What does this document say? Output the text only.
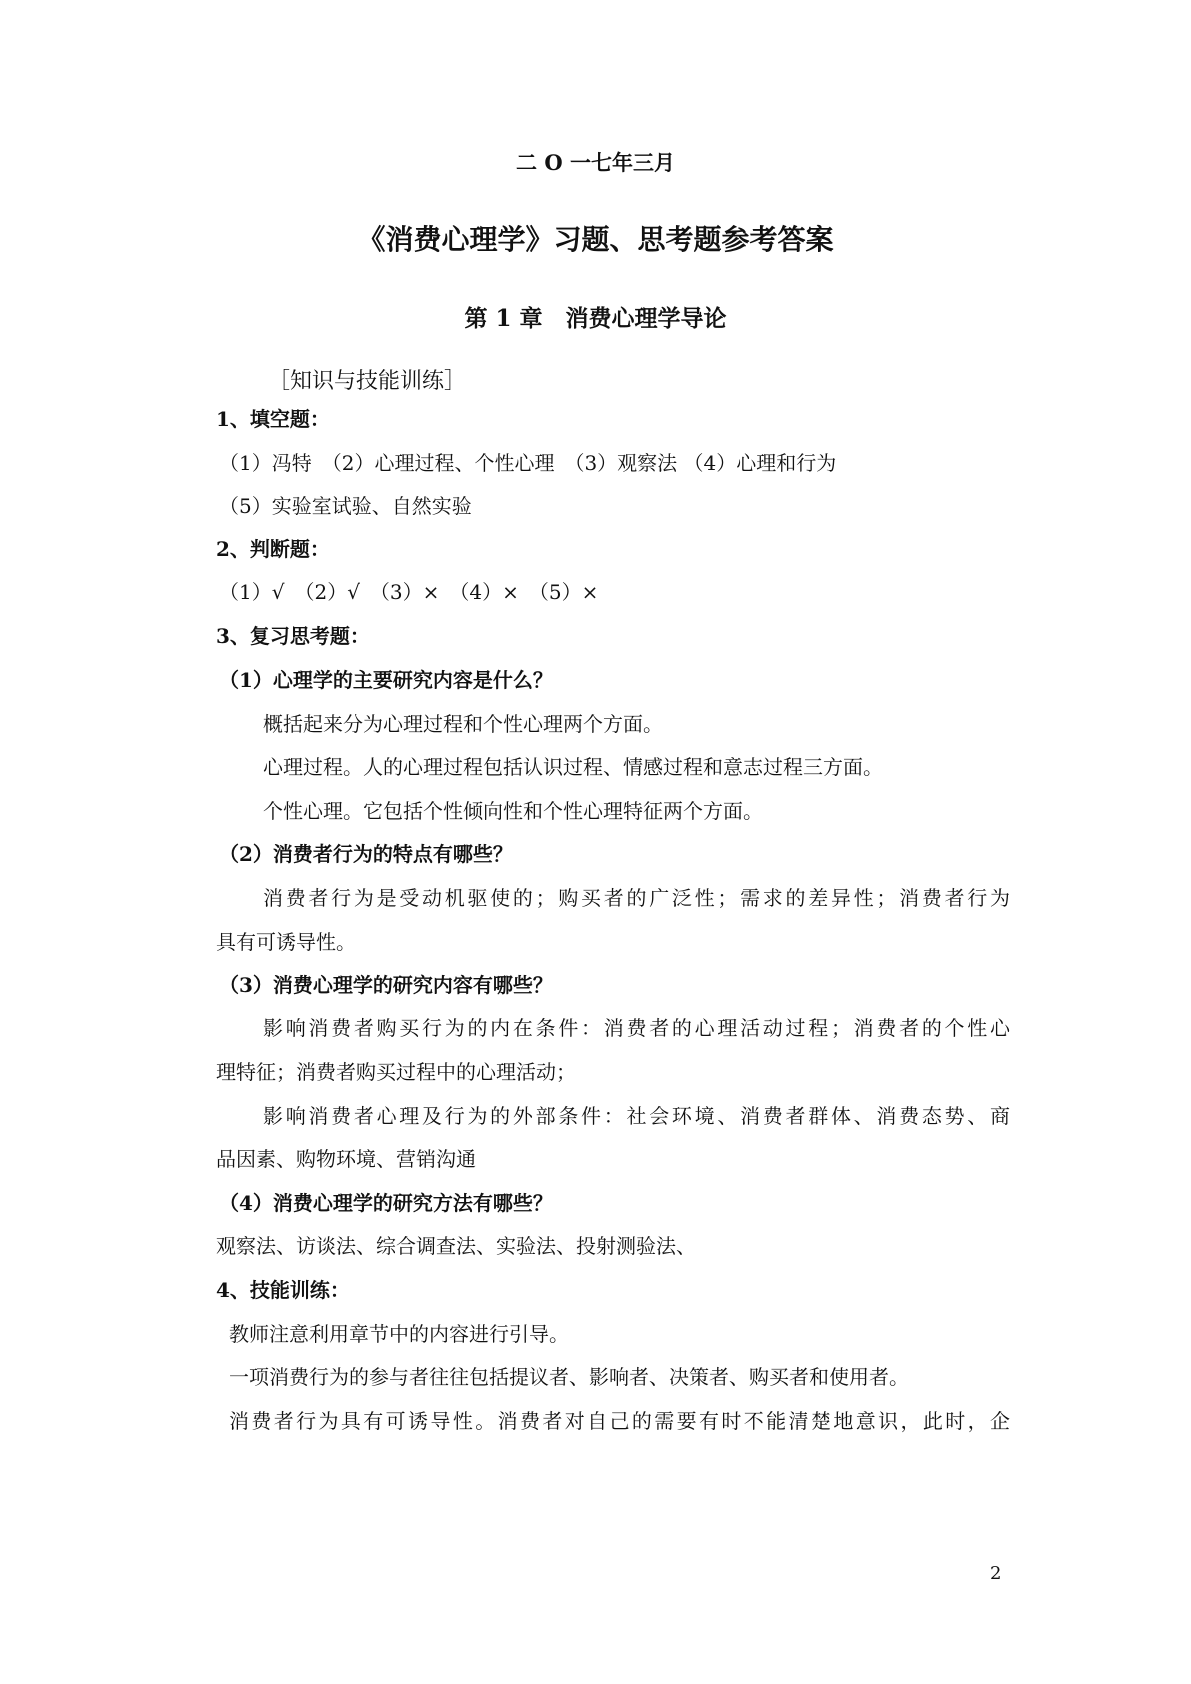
二 O 一七年三月
《消费心理学》习题、思考题参考答案
第 1 章　消费心理学导论
［知识与技能训练］
1、填空题：
（1）冯特　（2）心理过程、个性心理　（3）观察法 （4）心理和行为
（5）实验室试验、自然实验
2、判断题：
（1）√　（2）√　（3）×　（4）×　（5）×
3、复习思考题：
（1）心理学的主要研究内容是什么？
概括起来分为心理过程和个性心理两个方面。
心理过程。人的心理过程包括认识过程、情感过程和意志过程三方面。
个性心理。它包括个性倾向性和个性心理特征两个方面。
（2）消费者行为的特点有哪些？
消费者行为是受动机驱使的；购买者的广泛性；需求的差异性；消费者行为
具有可诱导性。
（3）消费心理学的研究内容有哪些？
影响消费者购买行为的内在条件：消费者的心理活动过程；消费者的个性心
理特征；消费者购买过程中的心理活动；
影响消费者心理及行为的外部条件：社会环境、消费者群体、消费态势、商
品因素、购物环境、营销沟通
（4）消费心理学的研究方法有哪些？
观察法、访谈法、综合调查法、实验法、投射测验法、
4、技能训练：
教师注意利用章节中的内容进行引导。
一项消费行为的参与者往往包括提议者、影响者、决策者、购买者和使用者。
消费者行为具有可诱导性。消费者对自己的需要有时不能清楚地意识，此时，企
2
